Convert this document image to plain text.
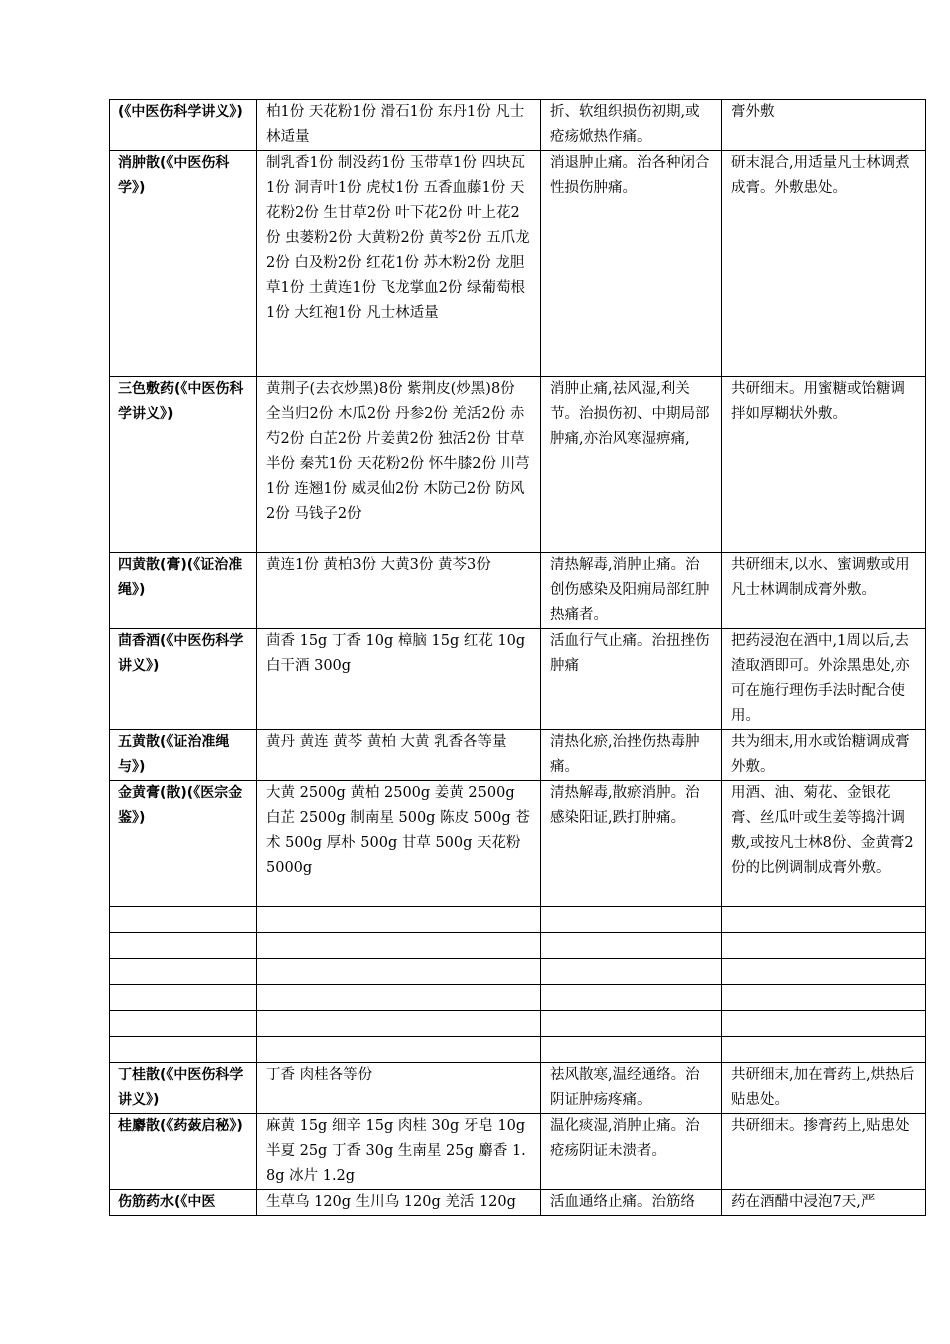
(《中医伤科学讲义》)	柏1份 天花粉1份 滑石1份 东丹1份 凡士林适量	折、软组织损伤初期,或疮疡焮热作痛。	膏外敷
消肿散(《中医伤科学》)	制乳香1份 制没药1份 玉带草1份 四块瓦1份 洞青叶1份 虎杖1份 五香血藤1份 天花粉2份 生甘草2份 叶下花2份 叶上花2份 虫蒌粉2份 大黄粉2份 黄芩2份 五爪龙2份 白及粉2份 红花1份 苏木粉2份 龙胆草1份 土黄连1份 飞龙掌血2份 绿葡萄根1份 大红袍1份 凡士林适量	消退肿止痛。治各种闭合性损伤肿痛。	研末混合,用适量凡士林调煮成膏。外敷患处。
三色敷药(《中医伤科学讲义》)	黄荆子(去衣炒黑)8份 紫荆皮(炒黑)8份 全当归2份 木瓜2份 丹参2份 羌活2份 赤芍2份 白芷2份 片姜黄2份 独活2份 甘草半份 秦艽1份 天花粉2份 怀牛膝2份 川芎1份 连翘1份 威灵仙2份 木防己2份 防风2份 马钱子2份	消肿止痛,祛风湿,利关节。治损伤初、中期局部肿痛,亦治风寒湿痹痛,	共研细末。用蜜糖或饴糖调拌如厚糊状外敷。
四黄散(膏)(《证治准绳》)	黄连1份 黄柏3份 大黄3份 黄芩3份	清热解毒,消肿止痛。治创伤感染及阳痈局部红肿热痛者。	共研细末,以水、蜜调敷或用凡士林调制成膏外敷。
茴香酒(《中医伤科学讲义》)	茴香 15g 丁香 10g 樟脑 15g 红花 10g 白干酒 300g	活血行气止痛。治扭挫伤肿痛	把药浸泡在酒中,1周以后,去渣取酒即可。外涂黑患处,亦可在施行理伤手法时配合使用。
五黄散(《证治准绳与》)	黄丹 黄连 黄芩 黄柏 大黄 乳香各等量	清热化瘀,治挫伤热毒肿痛。	共为细末,用水或饴糖调成膏外敷。
金黄膏(散)(《医宗金鉴》)	大黄 2500g 黄柏 2500g 姜黄 2500g 白芷 2500g 制南星 500g 陈皮 500g 苍术 500g 厚朴 500g 甘草 500g 天花粉 5000g	清热解毒,散瘀消肿。治感染阳证,跌打肿痛。	用酒、油、菊花、金银花膏、丝瓜叶或生姜等捣汁调敷,或按凡士林8份、金黄膏2份的比例调制成膏外敷。

丁桂散(《中医伤科学讲义》)	丁香 肉桂各等份	祛风散寒,温经通络。治阴证肿疡疼痛。	共研细末,加在膏药上,烘热后贴患处。
桂麝散(《药蔹启秘》)	麻黄 15g 细辛 15g 肉桂 30g 牙皂 10g 半夏 25g 丁香 30g 生南星 25g 麝香 1.8g 冰片 1.2g	温化痰湿,消肿止痛。治疮疡阴证未溃者。	共研细末。掺膏药上,贴患处
伤筋药水(《中医	生草乌 120g 生川乌 120g 羌活 120g	活血通络止痛。治筋络	药在酒醋中浸泡7天,严
